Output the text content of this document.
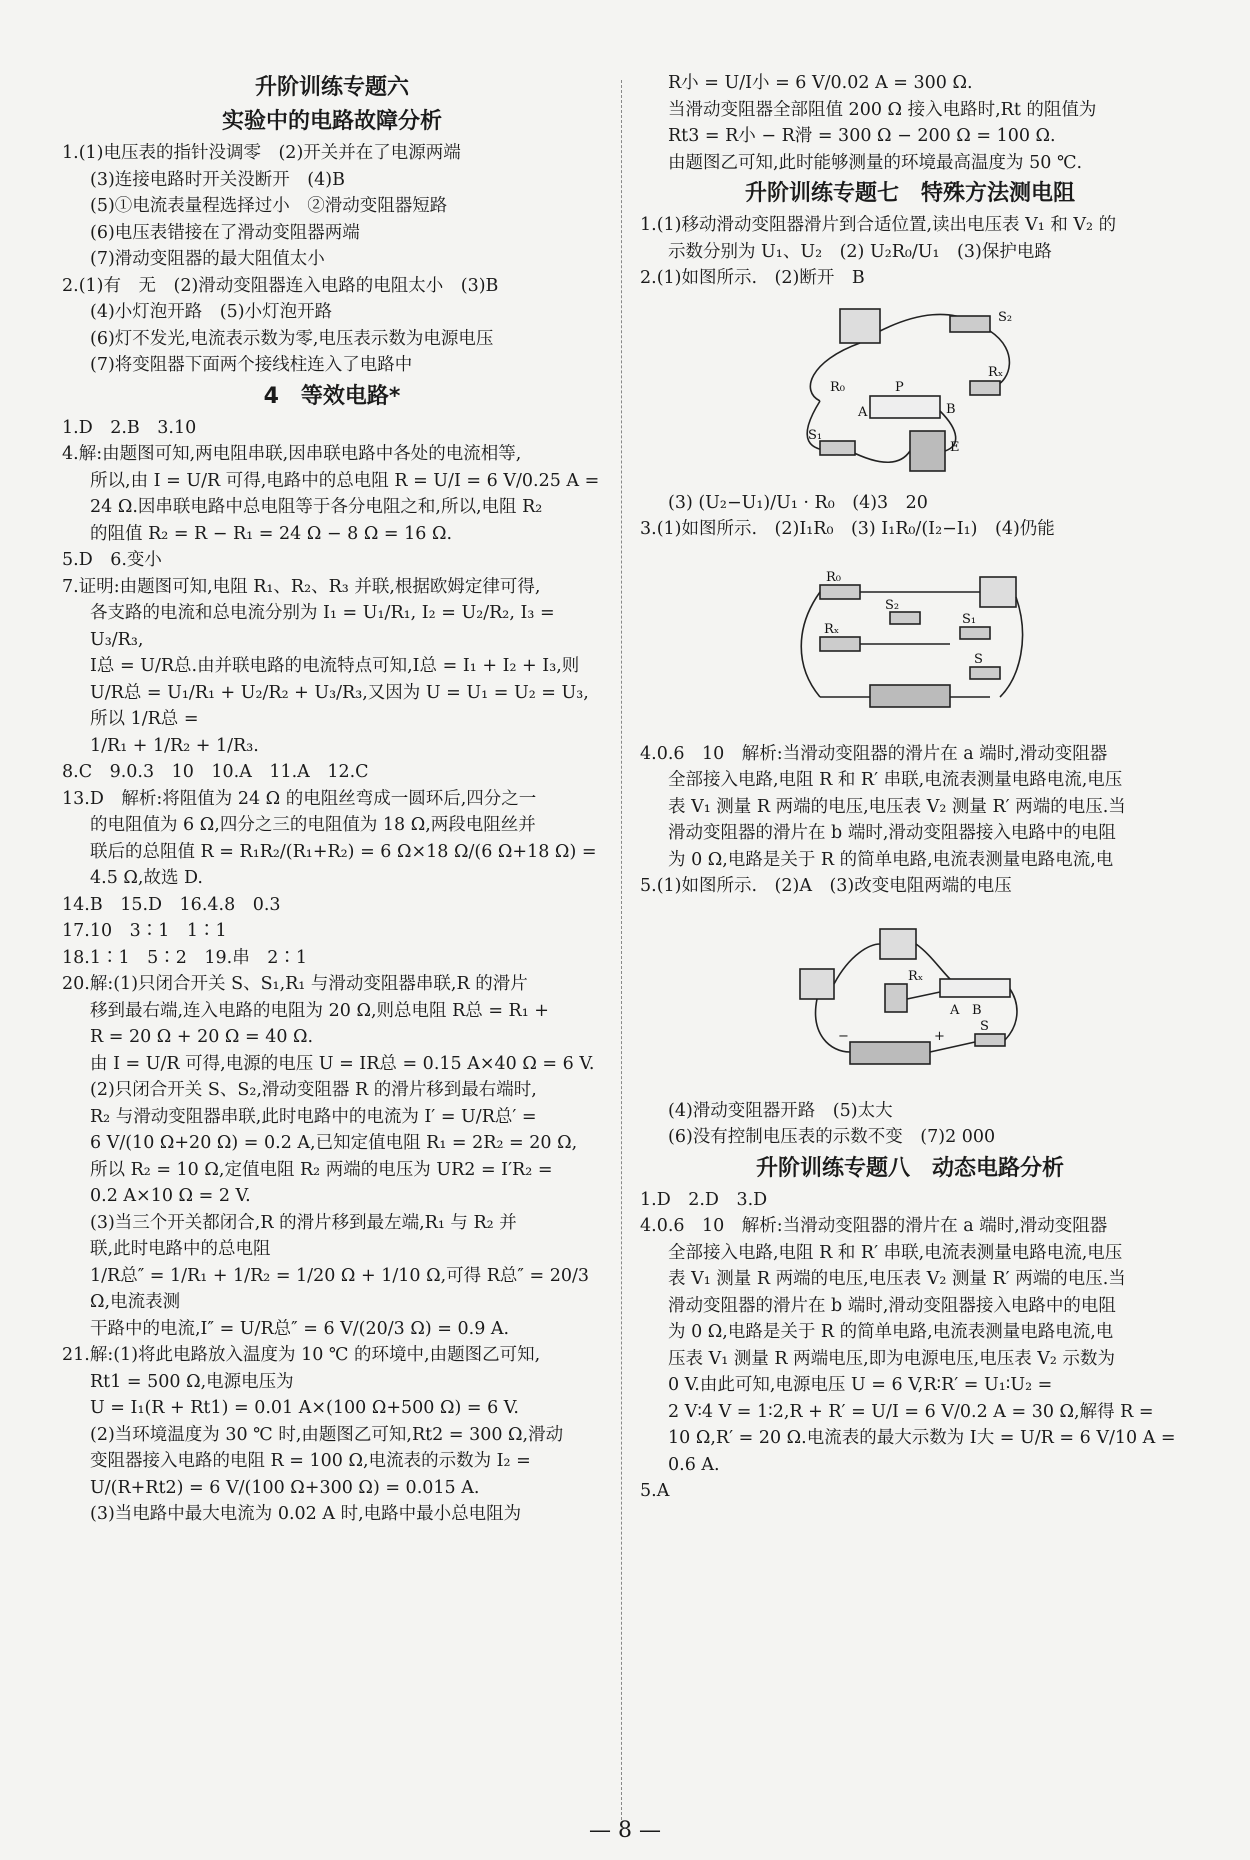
升阶训练专题六
实验中的电路故障分析

1.(1)电压表的指针没调零　(2)开关并在了电源两端

(3)连接电路时开关没断开　(4)B

(5)①电流表量程选择过小　②滑动变阻器短路

(6)电压表错接在了滑动变阻器两端

(7)滑动变阻器的最大阻值太小

2.(1)有　无　(2)滑动变阻器连入电路的电阻太小　(3)B

(4)小灯泡开路　(5)小灯泡开路

(6)灯不发光,电流表示数为零,电压表示数为电源电压

(7)将变阻器下面两个接线柱连入了电路中

4　等效电路*

1.D　2.B　3.10

4.解:由题图可知,两电阻串联,因串联电路中各处的电流相等,

所以,由 I = U/R 可得,电路中的总电阻 R = U/I = 6 V/0.25 A =

24 Ω.因串联电路中总电阻等于各分电阻之和,所以,电阻 R₂

的阻值 R₂ = R − R₁ = 24 Ω − 8 Ω = 16 Ω.

5.D　6.变小

7.证明:由题图可知,电阻 R₁、R₂、R₃ 并联,根据欧姆定律可得,

各支路的电流和总电流分别为 I₁ = U₁/R₁, I₂ = U₂/R₂, I₃ = U₃/R₃,

I总 = U/R总.由并联电路的电流特点可知,I总 = I₁ + I₂ + I₃,则

U/R总 = U₁/R₁ + U₂/R₂ + U₃/R₃,又因为 U = U₁ = U₂ = U₃,所以 1/R总 =

1/R₁ + 1/R₂ + 1/R₃.

8.C　9.0.3　10　10.A　11.A　12.C

13.D　解析:将阻值为 24 Ω 的电阻丝弯成一圆环后,四分之一

的电阻值为 6 Ω,四分之三的电阻值为 18 Ω,两段电阻丝并

联后的总阻值 R = R₁R₂/(R₁+R₂) = 6 Ω×18 Ω/(6 Ω+18 Ω) = 4.5 Ω,故选 D.

14.B　15.D　16.4.8　0.3

17.10　3∶1　1∶1

18.1∶1　5∶2　19.串　2∶1

20.解:(1)只闭合开关 S、S₁,R₁ 与滑动变阻器串联,R 的滑片

移到最右端,连入电路的电阻为 20 Ω,则总电阻 R总 = R₁ +

R = 20 Ω + 20 Ω = 40 Ω.

由 I = U/R 可得,电源的电压 U = IR总 = 0.15 A×40 Ω = 6 V.

(2)只闭合开关 S、S₂,滑动变阻器 R 的滑片移到最右端时,

R₂ 与滑动变阻器串联,此时电路中的电流为 I′ = U/R总′ =

6 V/(10 Ω+20 Ω) = 0.2 A,已知定值电阻 R₁ = 2R₂ = 20 Ω,

所以 R₂ = 10 Ω,定值电阻 R₂ 两端的电压为 UR2 = I′R₂ =

0.2 A×10 Ω = 2 V.

(3)当三个开关都闭合,R 的滑片移到最左端,R₁ 与 R₂ 并

联,此时电路中的总电阻

1/R总″ = 1/R₁ + 1/R₂ = 1/20 Ω + 1/10 Ω,可得 R总″ = 20/3 Ω,电流表测

干路中的电流,I″ = U/R总″ = 6 V/(20/3 Ω) = 0.9 A.

21.解:(1)将此电路放入温度为 10 ℃ 的环境中,由题图乙可知,

Rt1 = 500 Ω,电源电压为

U = I₁(R + Rt1) = 0.01 A×(100 Ω+500 Ω) = 6 V.

(2)当环境温度为 30 ℃ 时,由题图乙可知,Rt2 = 300 Ω,滑动

变阻器接入电路的电阻 R = 100 Ω,电流表的示数为 I₂ =

U/(R+Rt2) = 6 V/(100 Ω+300 Ω) = 0.015 A.

(3)当电路中最大电流为 0.02 A 时,电路中最小总电阻为

R小 = U/I小 = 6 V/0.02 A = 300 Ω.

当滑动变阻器全部阻值 200 Ω 接入电路时,Rt 的阻值为

Rt3 = R小 − R滑 = 300 Ω − 200 Ω = 100 Ω.

由题图乙可知,此时能够测量的环境最高温度为 50 ℃.

升阶训练专题七　特殊方法测电阻

1.(1)移动滑动变阻器滑片到合适位置,读出电压表 V₁ 和 V₂ 的

示数分别为 U₁、U₂　(2) U₂R₀/U₁　(3)保护电路

2.(1)如图所示.　(2)断开　B

S₂
Rₓ
R₀	P
A	B
S₁
E

(3) (U₂−U₁)/U₁ · R₀　(4)3　20

3.(1)如图所示.　(2)I₁R₀　(3) I₁R₀/(I₂−I₁)　(4)仍能

R₀
S₂
S₁
Rₓ
S

4.0.6　10　解析:当滑动变阻器的滑片在 a 端时,滑动变阻器

全部接入电路,电阻 R 和 R′ 串联,电流表测量电路电流,电压

表 V₁ 测量 R 两端的电压,电压表 V₂ 测量 R′ 两端的电压.当

滑动变阻器的滑片在 b 端时,滑动变阻器接入电路中的电阻

为 0 Ω,电路是关于 R 的简单电路,电流表测量电路电流,电

5.(1)如图所示.　(2)A　(3)改变电阻两端的电压

Rₓ
A B
S
−	+

(4)滑动变阻器开路　(5)太大

(6)没有控制电压表的示数不变　(7)2 000

升阶训练专题八　动态电路分析

1.D　2.D　3.D

4.0.6　10　解析:当滑动变阻器的滑片在 a 端时,滑动变阻器

全部接入电路,电阻 R 和 R′ 串联,电流表测量电路电流,电压

表 V₁ 测量 R 两端的电压,电压表 V₂ 测量 R′ 两端的电压.当

滑动变阻器的滑片在 b 端时,滑动变阻器接入电路中的电阻

为 0 Ω,电路是关于 R 的简单电路,电流表测量电路电流,电

压表 V₁ 测量 R 两端电压,即为电源电压,电压表 V₂ 示数为

0 V.由此可知,电源电压 U = 6 V,R∶R′ = U₁∶U₂ =

2 V∶4 V = 1∶2,R + R′ = U/I = 6 V/0.2 A = 30 Ω,解得 R =

10 Ω,R′ = 20 Ω.电流表的最大示数为 I大 = U/R = 6 V/10 A =

0.6 A.

5.A

— 8 —
